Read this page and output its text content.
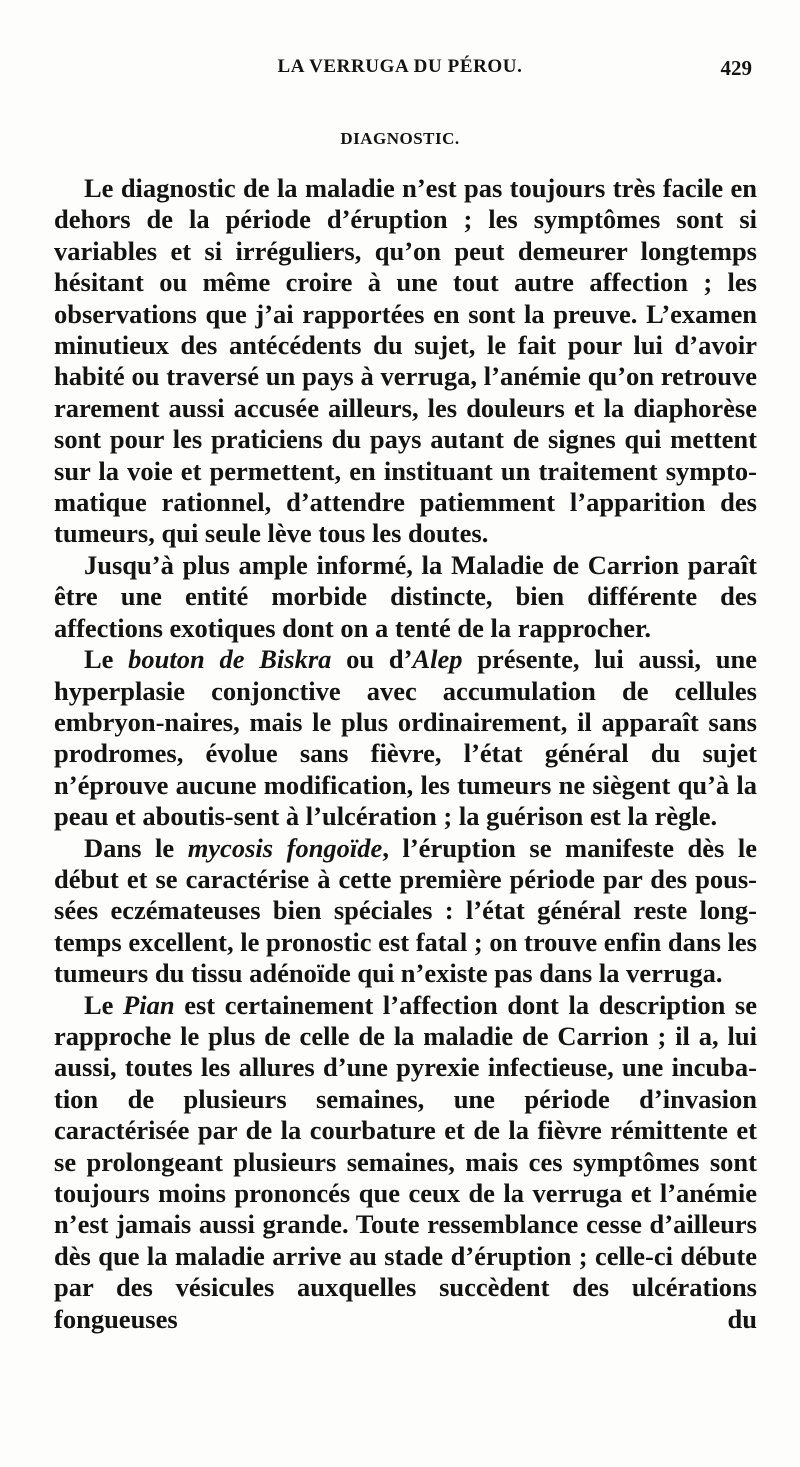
LA VERRUGA DU PÉROU.	429
DIAGNOSTIC.

Le diagnostic de la maladie n’est pas toujours très facile en dehors de la période d’éruption ; les symptômes sont si variables et si irréguliers, qu’on peut demeurer longtemps hésitant ou même croire à une tout autre affection ; les observations que j’ai rapportées en sont la preuve. L’examen minutieux des antécédents du sujet, le fait pour lui d’avoir habité ou traversé un pays à verruga, l’anémie qu’on retrouve rarement aussi accusée ailleurs, les douleurs et la diaphorèse sont pour les praticiens du pays autant de signes qui mettent sur la voie et permettent, en instituant un traitement sympto-matique rationnel, d’attendre patiemment l’apparition des tumeurs, qui seule lève tous les doutes.

Jusqu’à plus ample informé, la Maladie de Carrion paraît être une entité morbide distincte, bien différente des affections exotiques dont on a tenté de la rapprocher.

Le bouton de Biskra ou d’Alep présente, lui aussi, une hyperplasie conjonctive avec accumulation de cellules embryon-naires, mais le plus ordinairement, il apparaît sans prodromes, évolue sans fièvre, l’état général du sujet n’éprouve aucune modification, les tumeurs ne siègent qu’à la peau et aboutis-sent à l’ulcération ; la guérison est la règle.

Dans le mycosis fongoïde, l’éruption se manifeste dès le début et se caractérise à cette première période par des pous-sées eczémateuses bien spéciales : l’état général reste long-temps excellent, le pronostic est fatal ; on trouve enfin dans les tumeurs du tissu adénoïde qui n’existe pas dans la verruga.

Le Pian est certainement l’affection dont la description se rapproche le plus de celle de la maladie de Carrion ; il a, lui aussi, toutes les allures d’une pyrexie infectieuse, une incuba-tion de plusieurs semaines, une période d’invasion caractérisée par de la courbature et de la fièvre rémittente et se prolongeant plusieurs semaines, mais ces symptômes sont toujours moins prononcés que ceux de la verruga et l’anémie n’est jamais aussi grande. Toute ressemblance cesse d’ailleurs dès que la maladie arrive au stade d’éruption ; celle-ci débute par des vésicules auxquelles succèdent des ulcérations fongueuses du
